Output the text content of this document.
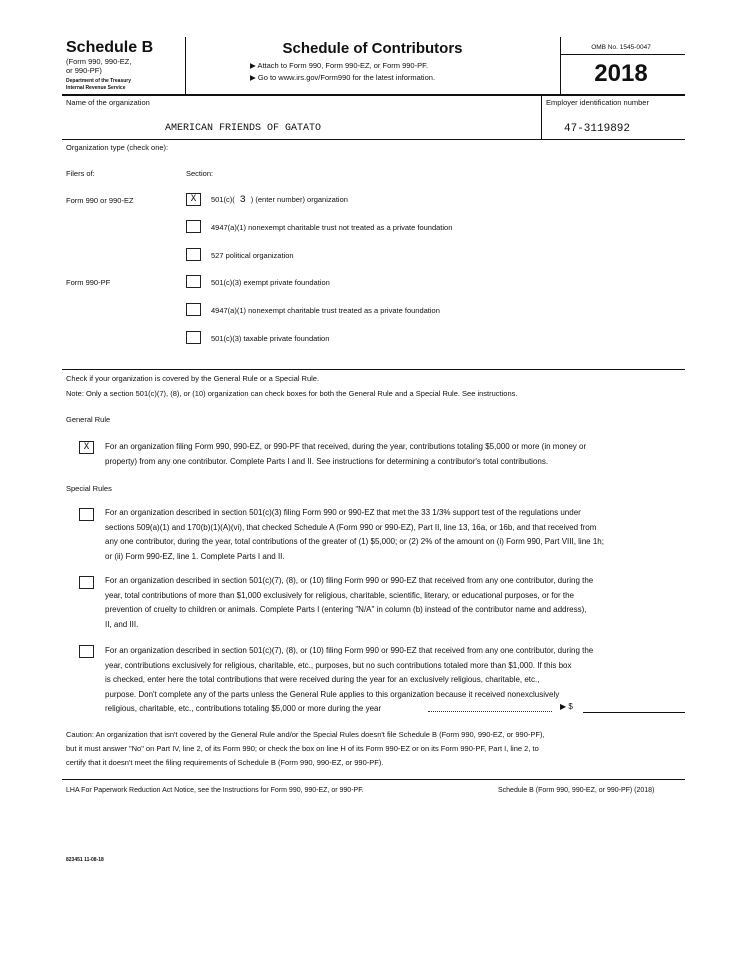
Schedule B
(Form 990, 990-EZ,
or 990-PF)
Department of the Treasury
Internal Revenue Service
Schedule of Contributors
▶ Attach to Form 990, Form 990-EZ, or Form 990-PF.
▶ Go to www.irs.gov/Form990 for the latest information.
OMB No. 1545-0047
2018
Name of the organization	Employer identification number
AMERICAN FRIENDS OF GATATO	47-3119892
Organization type (check one):
Filers of:	Section:
Form 990 or 990-EZ	X	501(c)( 3 ) (enter number) organization
4947(a)(1) nonexempt charitable trust not treated as a private foundation
527 political organization
Form 990-PF	501(c)(3) exempt private foundation
4947(a)(1) nonexempt charitable trust treated as a private foundation
501(c)(3) taxable private foundation
Check if your organization is covered by the General Rule or a Special Rule.
Note: Only a section 501(c)(7), (8), or (10) organization can check boxes for both the General Rule and a Special Rule. See instructions.
General Rule
X	For an organization filing Form 990, 990-EZ, or 990-PF that received, during the year, contributions totaling $5,000 or more (in money or
property) from any one contributor. Complete Parts I and II. See instructions for determining a contributor's total contributions.
Special Rules
For an organization described in section 501(c)(3) filing Form 990 or 990-EZ that met the 33 1/3% support test of the regulations under
sections 509(a)(1) and 170(b)(1)(A)(vi), that checked Schedule A (Form 990 or 990-EZ), Part II, line 13, 16a, or 16b, and that received from
any one contributor, during the year, total contributions of the greater of (1) $5,000; or (2) 2% of the amount on (i) Form 990, Part VIII, line 1h;
or (ii) Form 990-EZ, line 1. Complete Parts I and II.
For an organization described in section 501(c)(7), (8), or (10) filing Form 990 or 990-EZ that received from any one contributor, during the
year, total contributions of more than $1,000 exclusively for religious, charitable, scientific, literary, or educational purposes, or for the
prevention of cruelty to children or animals. Complete Parts I (entering "N/A" in column (b) instead of the contributor name and address),
II, and III.
For an organization described in section 501(c)(7), (8), or (10) filing Form 990 or 990-EZ that received from any one contributor, during the
year, contributions exclusively for religious, charitable, etc., purposes, but no such contributions totaled more than $1,000. If this box
is checked, enter here the total contributions that were received during the year for an exclusively religious, charitable, etc.,
purpose. Don't complete any of the parts unless the General Rule applies to this organization because it received nonexclusively
religious, charitable, etc., contributions totaling $5,000 or more during the year	▶ $
Caution: An organization that isn't covered by the General Rule and/or the Special Rules doesn't file Schedule B (Form 990, 990-EZ, or 990-PF),
but it must answer "No" on Part IV, line 2, of its Form 990; or check the box on line H of its Form 990-EZ or on its Form 990-PF, Part I, line 2, to
certify that it doesn't meet the filing requirements of Schedule B (Form 990, 990-EZ, or 990-PF).
LHA For Paperwork Reduction Act Notice, see the Instructions for Form 990, 990-EZ, or 990-PF.	Schedule B (Form 990, 990-EZ, or 990-PF) (2018)
823451 11-08-18
